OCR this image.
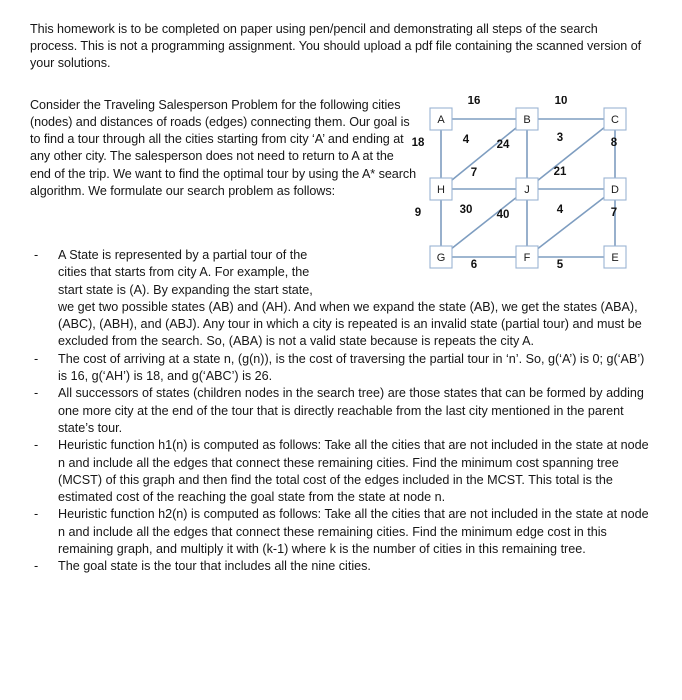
This homework is to be completed on paper using pen/pencil and demonstrating all steps of the search process. This is not a programming assignment. You should upload a pdf file containing the scanned version of your solutions.

Consider the Traveling Salesperson Problem for the following cities (nodes) and distances of roads (edges) connecting them. Our goal is to find a tour through all the cities starting from city ‘A’ and ending at any other city. The salesperson does not need to return to A at the end of the trip. We want to find the optimal tour by using the A* search algorithm. We formulate our search problem as follows:

A	B	C
H	J	D
G	F	E
16	10
18	4 24
3	8
7	21
9	30 40	4	7
6	5
-	A State is represented by a partial tour of the
cities that starts from city A. For example, the
start state is (A). By expanding the start state,
we get two possible states (AB) and (AH). And when we expand the state (AB), we get the states (ABA), (ABC), (ABH), and (ABJ). Any tour in which a city is repeated is an invalid state (partial tour) and must be excluded from the search. So, (ABA) is not a valid state because is repeats the city A.
-	The cost of arriving at a state n, (g(n)), is the cost of traversing the partial tour in ‘n’. So, g(‘A’) is 0; g(‘AB’) is 16, g(‘AH’) is 18, and g(‘ABC’) is 26.
-	All successors of states (children nodes in the search tree) are those states that can be formed by adding one more city at the end of the tour that is directly reachable from the last city mentioned in the parent state’s tour.
-	Heuristic function h1(n) is computed as follows: Take all the cities that are not included in the state at node n and include all the edges that connect these remaining cities. Find the minimum cost spanning tree (MCST) of this graph and then find the total cost of the edges included in the MCST. This total is the estimated cost of the reaching the goal state from the state at node n.
-	Heuristic function h2(n) is computed as follows: Take all the cities that are not included in the state at node n and include all the edges that connect these remaining cities. Find the minimum edge cost in this remaining graph, and multiply it with (k-1) where k is the number of cities in this remaining tree.
-	The goal state is the tour that includes all the nine cities.
